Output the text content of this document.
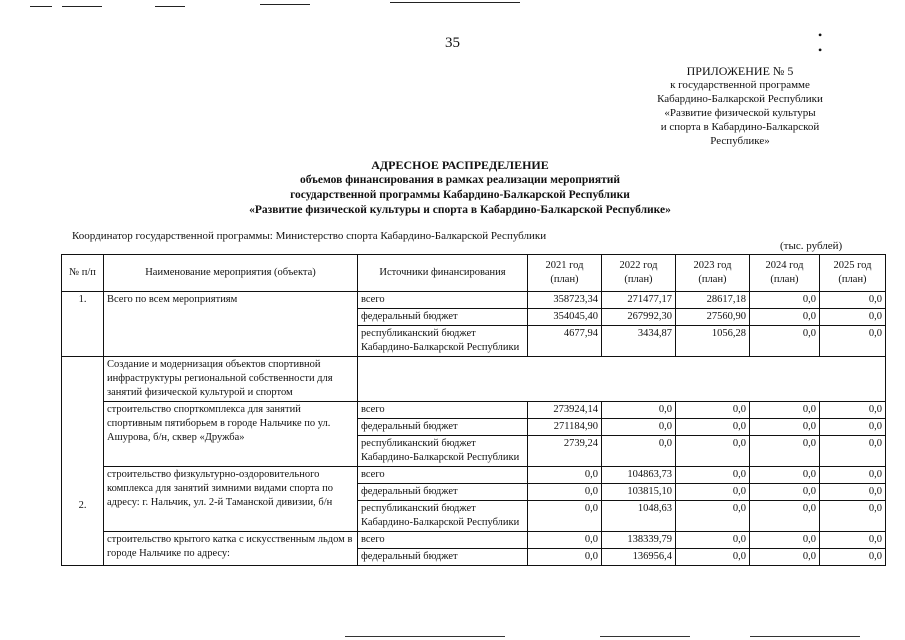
35	• •
ПРИЛОЖЕНИЕ № 5
к государственной программе
Кабардино-Балкарской Республики
«Развитие физической культуры
и спорта в Кабардино-Балкарской
Республике»
АДРЕСНОЕ РАСПРЕДЕЛЕНИЕ
объемов финансирования в рамках реализации мероприятий
государственной программы Кабардино-Балкарской Республики
«Развитие физической культуры и спорта в Кабардино-Балкарской Республике»
Координатор государственной программы: Министерство спорта Кабардино-Балкарской Республики
(тыс. рублей)
№ п/п	Наименование мероприятия (объекта)	Источники финансирования	2021 год (план)	2022 год (план)	2023 год (план)	2024 год (план)	2025 год (план)
1.	Всего по всем мероприятиям	всего	358723,34	271477,17	28617,18	0,0	0,0
		федеральный бюджет	354045,40	267992,30	27560,90	0,0	0,0
		республиканский бюджет Кабардино-Балкарской Республики	4677,94	3434,87	1056,28	0,0	0,0
2.	Создание и модернизация объектов спортивной инфраструктуры региональной собственности для занятий физической культурой и спортом						
	строительство спорткомплекса для занятий спортивным пятиборьем в городе Нальчике по ул. Ашурова, б/н, сквер «Дружба»	всего	273924,14	0,0	0,0	0,0	0,0
		федеральный бюджет	271184,90	0,0	0,0	0,0	0,0
		республиканский бюджет Кабардино-Балкарской Республики	2739,24	0,0	0,0	0,0	0,0
	строительство физкультурно-оздоровительного комплекса для занятий зимними видами спорта по адресу: г. Нальчик, ул. 2-й Таманской дивизии, б/н	всего	0,0	104863,73	0,0	0,0	0,0
		федеральный бюджет	0,0	103815,10	0,0	0,0	0,0
		республиканский бюджет Кабардино-Балкарской Республики	0,0	1048,63	0,0	0,0	0,0
	строительство крытого катка с искусственным льдом в городе Нальчике по адресу:	всего	0,0	138339,79	0,0	0,0	0,0
		федеральный бюджет	0,0	136956,4	0,0	0,0	0,0
